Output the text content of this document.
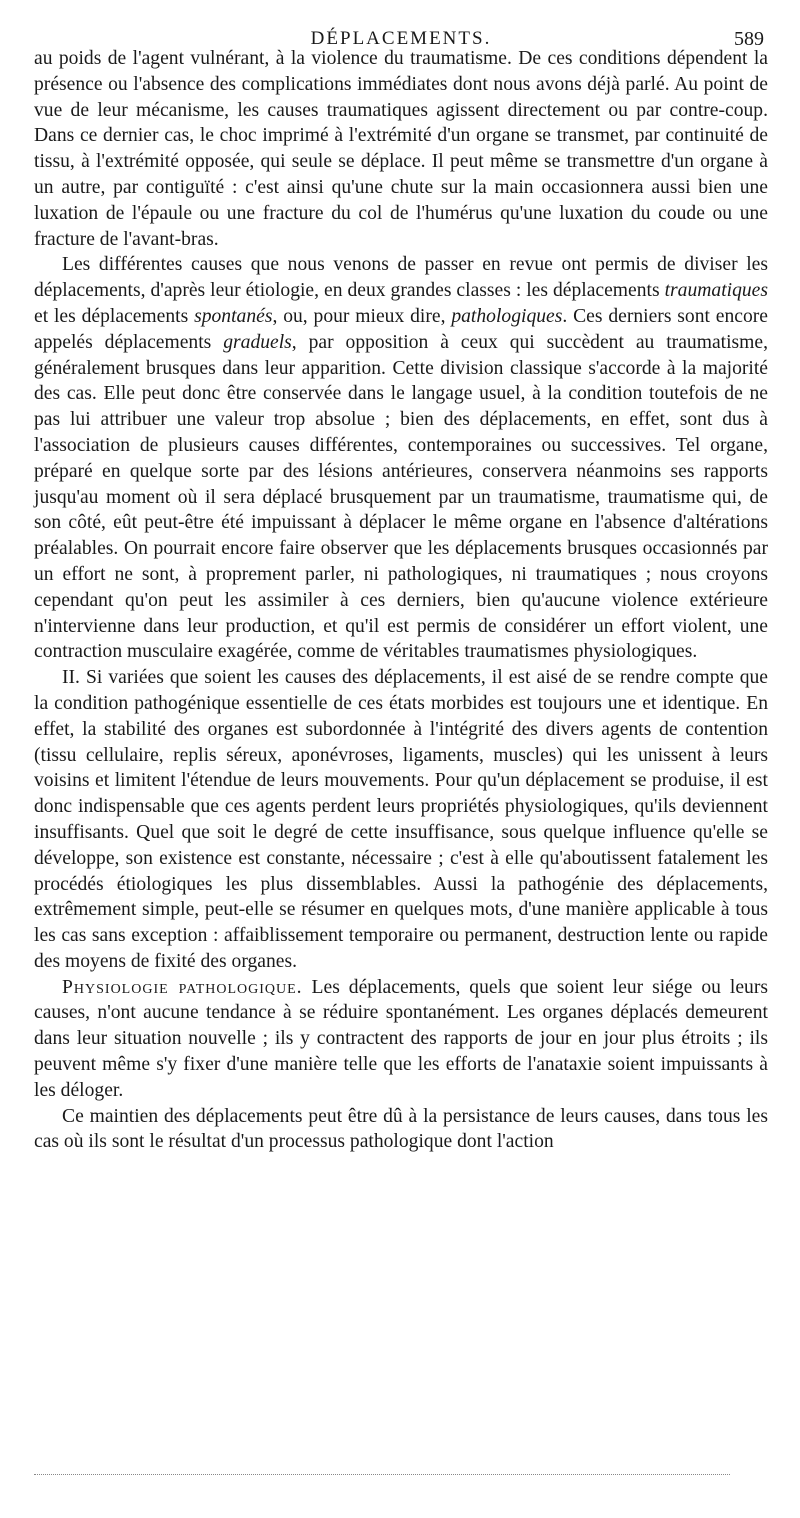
DÉPLACEMENTS.	589

au poids de l'agent vulnérant, à la violence du traumatisme. De ces conditions dépendent la présence ou l'absence des complications immédiates dont nous avons déjà parlé. Au point de vue de leur mécanisme, les causes traumatiques agissent directement ou par contre-coup. Dans ce dernier cas, le choc imprimé à l'extrémité d'un organe se transmet, par continuité de tissu, à l'extrémité opposée, qui seule se déplace. Il peut même se transmettre d'un organe à un autre, par contiguïté : c'est ainsi qu'une chute sur la main occasionnera aussi bien une luxation de l'épaule ou une fracture du col de l'humérus qu'une luxation du coude ou une fracture de l'avant-bras.

Les différentes causes que nous venons de passer en revue ont permis de diviser les déplacements, d'après leur étiologie, en deux grandes classes : les déplacements traumatiques et les déplacements spontanés, ou, pour mieux dire, pathologiques. Ces derniers sont encore appelés déplacements graduels, par opposition à ceux qui succèdent au traumatisme, généralement brusques dans leur apparition. Cette division classique s'accorde à la majorité des cas. Elle peut donc être conservée dans le langage usuel, à la condition toutefois de ne pas lui attribuer une valeur trop absolue ; bien des déplacements, en effet, sont dus à l'association de plusieurs causes différentes, contemporaines ou successives. Tel organe, préparé en quelque sorte par des lésions antérieures, conservera néanmoins ses rapports jusqu'au moment où il sera déplacé brusquement par un traumatisme, traumatisme qui, de son côté, eût peut-être été impuissant à déplacer le même organe en l'absence d'altérations préalables. On pourrait encore faire observer que les déplacements brusques occasionnés par un effort ne sont, à proprement parler, ni pathologiques, ni traumatiques ; nous croyons cependant qu'on peut les assimiler à ces derniers, bien qu'aucune violence extérieure n'intervienne dans leur production, et qu'il est permis de considérer un effort violent, une contraction musculaire exagérée, comme de véritables traumatismes physiologiques.

II. Si variées que soient les causes des déplacements, il est aisé de se rendre compte que la condition pathogénique essentielle de ces états morbides est toujours une et identique. En effet, la stabilité des organes est subordonnée à l'intégrité des divers agents de contention (tissu cellulaire, replis séreux, aponévroses, ligaments, muscles) qui les unissent à leurs voisins et limitent l'étendue de leurs mouvements. Pour qu'un déplacement se produise, il est donc indispensable que ces agents perdent leurs propriétés physiologiques, qu'ils deviennent insuffisants. Quel que soit le degré de cette insuffisance, sous quelque influence qu'elle se développe, son existence est constante, nécessaire ; c'est à elle qu'aboutissent fatalement les procédés étiologiques les plus dissemblables. Aussi la pathogénie des déplacements, extrêmement simple, peut-elle se résumer en quelques mots, d'une manière applicable à tous les cas sans exception : affaiblissement temporaire ou permanent, destruction lente ou rapide des moyens de fixité des organes.

Physiologie pathologique. Les déplacements, quels que soient leur siége ou leurs causes, n'ont aucune tendance à se réduire spontanément. Les organes déplacés demeurent dans leur situation nouvelle ; ils y contractent des rapports de jour en jour plus étroits ; ils peuvent même s'y fixer d'une manière telle que les efforts de l'anataxie soient impuissants à les déloger.

Ce maintien des déplacements peut être dû à la persistance de leurs causes, dans tous les cas où ils sont le résultat d'un processus pathologique dont l'action
